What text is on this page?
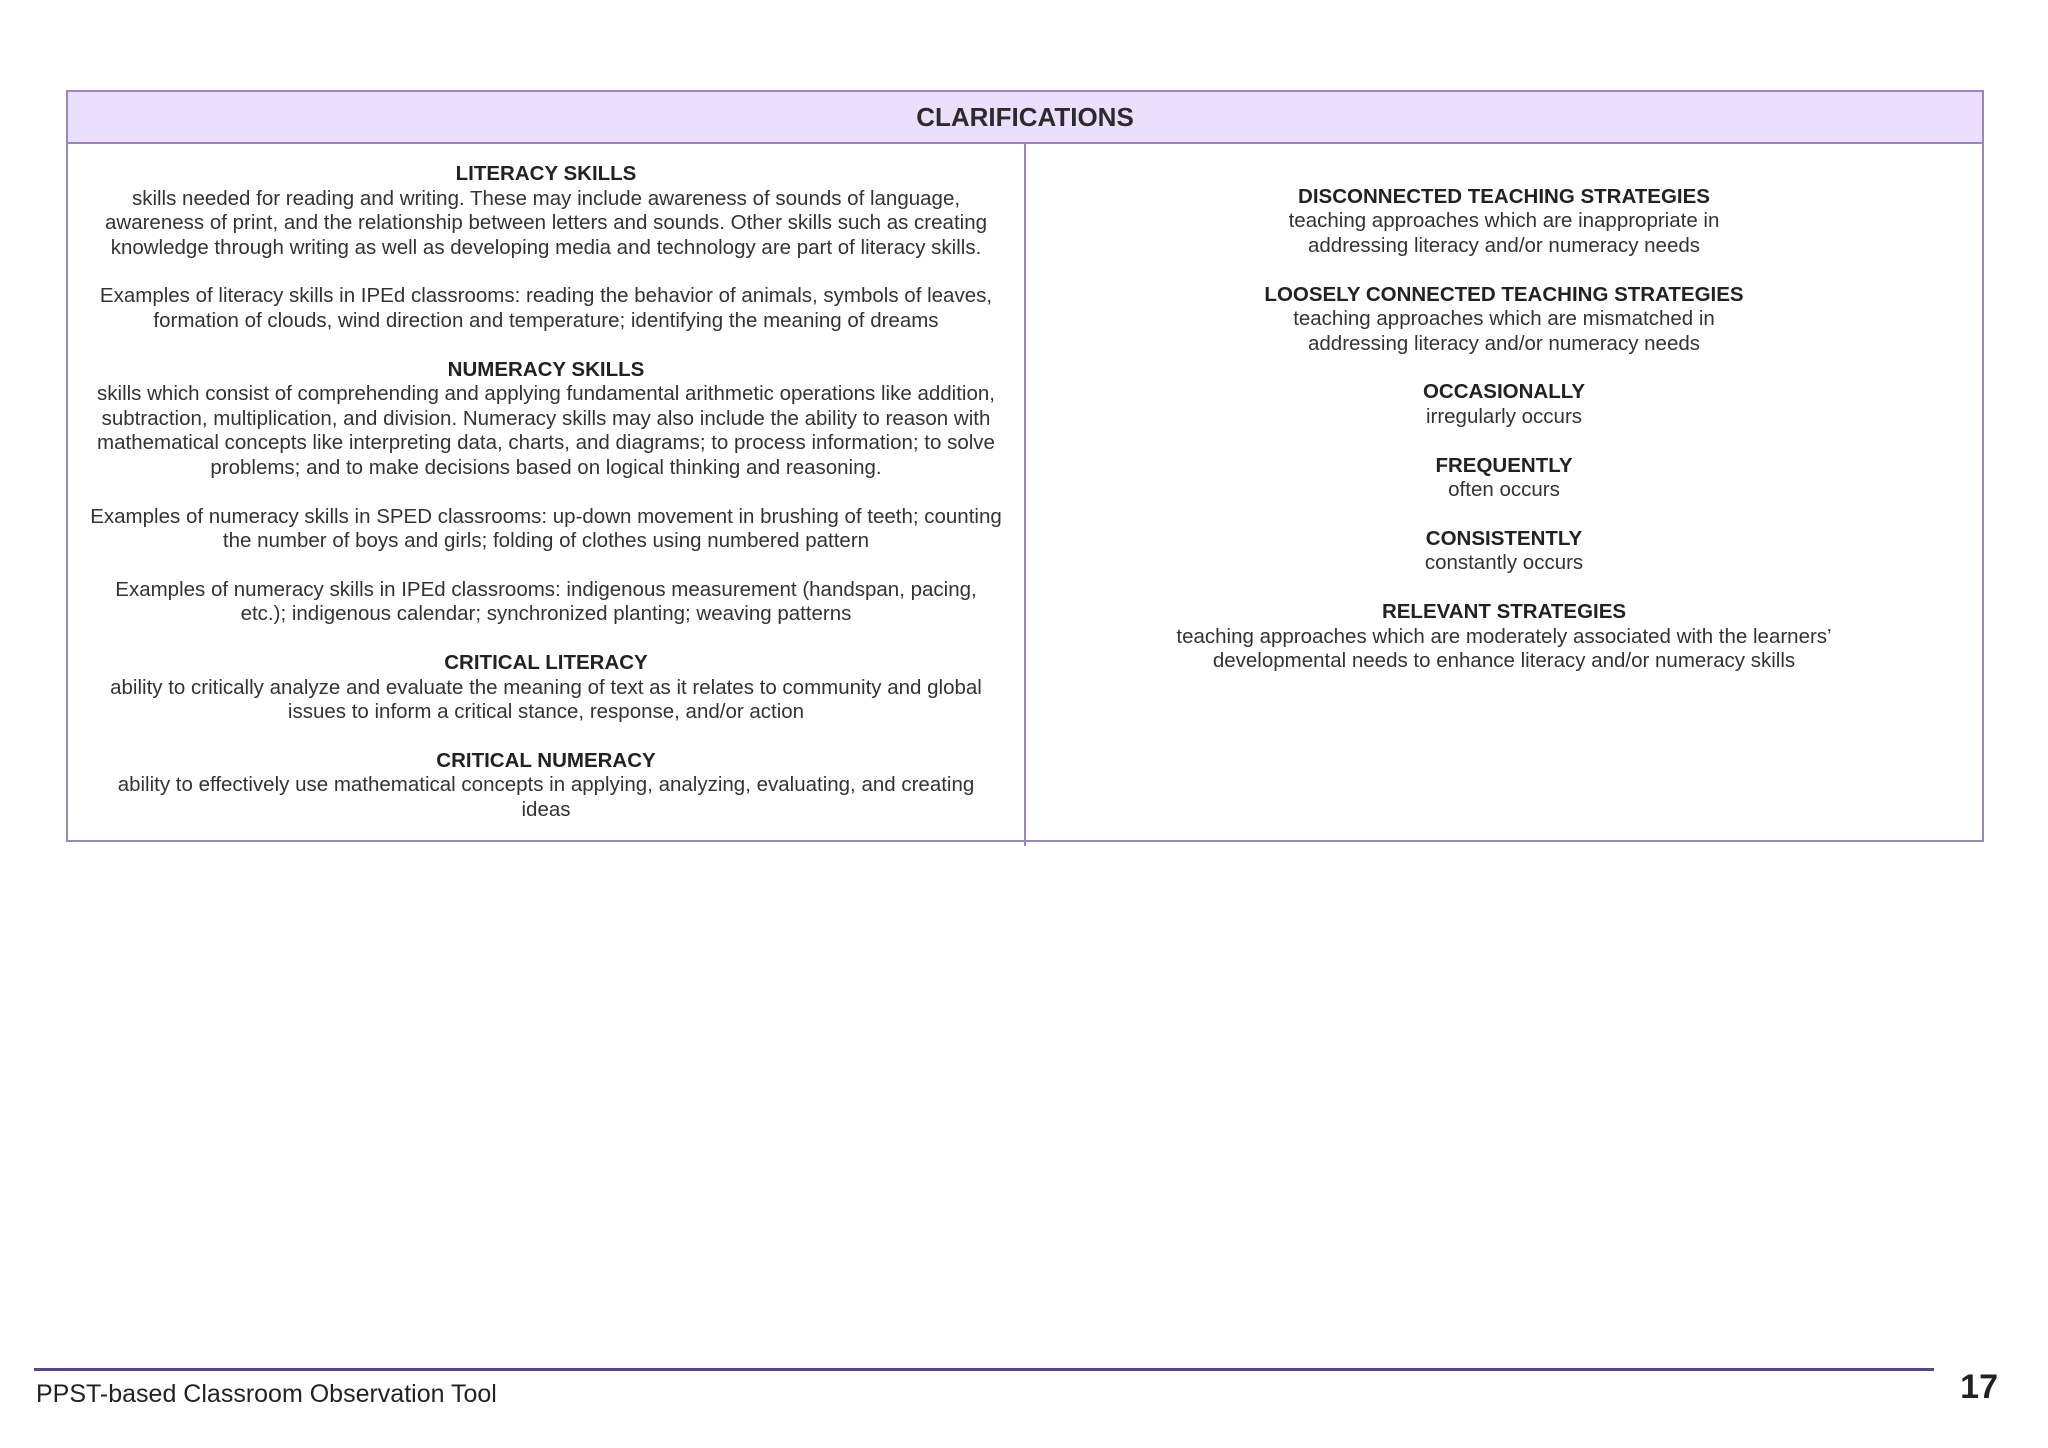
CLARIFICATIONS
LITERACY SKILLS
skills needed for reading and writing. These may include awareness of sounds of language, awareness of print, and the relationship between letters and sounds. Other skills such as creating knowledge through writing as well as developing media and technology are part of literacy skills.
Examples of literacy skills in IPEd classrooms: reading the behavior of animals, symbols of leaves, formation of clouds, wind direction and temperature; identifying the meaning of dreams
NUMERACY SKILLS
skills which consist of comprehending and applying fundamental arithmetic operations like addition, subtraction, multiplication, and division. Numeracy skills may also include the ability to reason with mathematical concepts like interpreting data, charts, and diagrams; to process information; to solve problems; and to make decisions based on logical thinking and reasoning.
Examples of numeracy skills in SPED classrooms: up-down movement in brushing of teeth; counting the number of boys and girls; folding of clothes using numbered pattern
Examples of numeracy skills in IPEd classrooms: indigenous measurement (handspan, pacing, etc.); indigenous calendar; synchronized planting; weaving patterns
CRITICAL LITERACY
ability to critically analyze and evaluate the meaning of text as it relates to community and global issues to inform a critical stance, response, and/or action
CRITICAL NUMERACY
ability to effectively use mathematical concepts in applying, analyzing, evaluating, and creating ideas
DISCONNECTED TEACHING STRATEGIES
teaching approaches which are inappropriate in addressing literacy and/or numeracy needs
LOOSELY CONNECTED TEACHING STRATEGIES
teaching approaches which are mismatched in addressing literacy and/or numeracy needs
OCCASIONALLY
irregularly occurs
FREQUENTLY
often occurs
CONSISTENTLY
constantly occurs
RELEVANT STRATEGIES
teaching approaches which are moderately associated with the learners’ developmental needs to enhance literacy and/or numeracy skills
PPST-based Classroom Observation Tool	17
